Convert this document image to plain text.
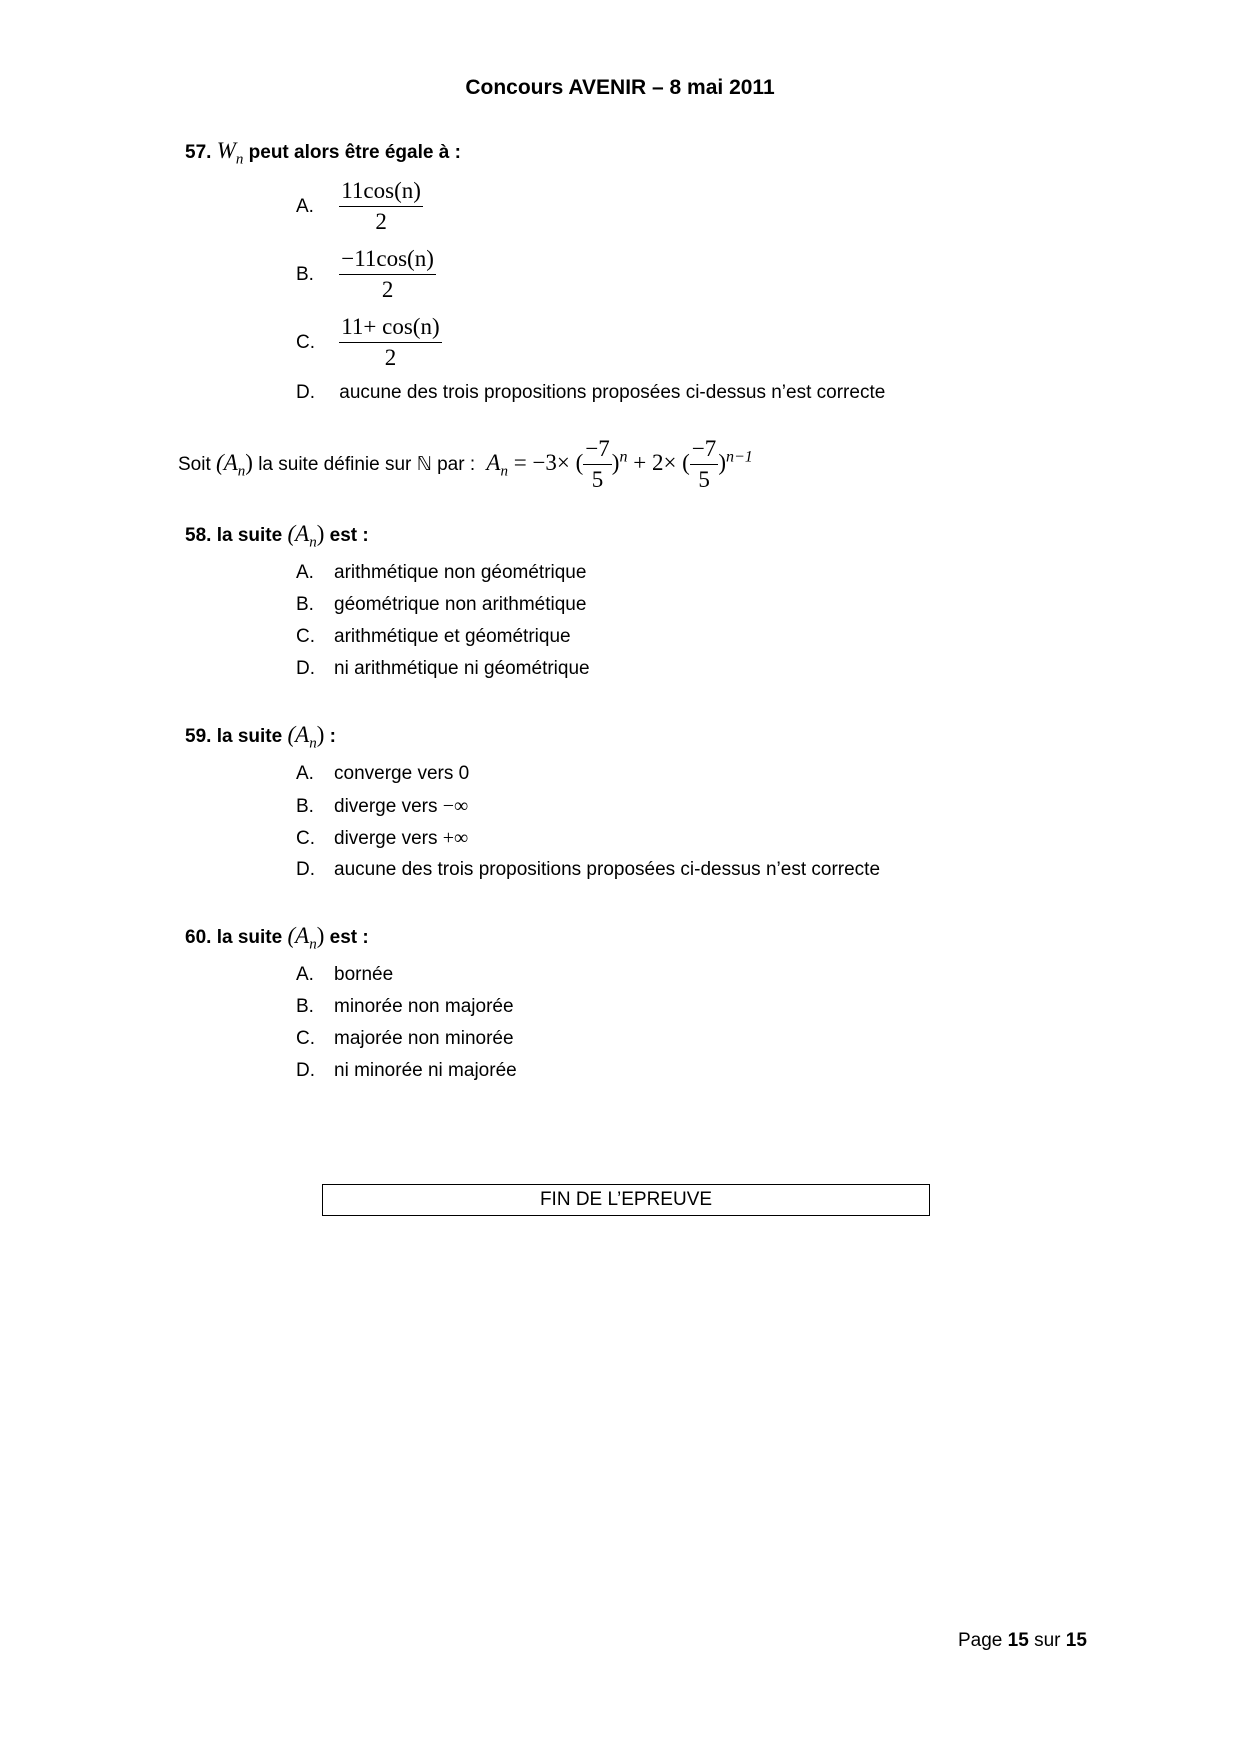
Concours AVENIR – 8 mai 2011
57. $W_n$ peut alors être égale à :
A. $\frac{11\cos(n)}{2}$
B. $\frac{-11\cos(n)}{2}$
C. $\frac{11+ \cos(n)}{2}$
D. aucune des trois propositions proposées ci-dessus n’est correcte
Soit $(A_n)$ la suite définie sur ℕ par : $A_n = -3\times$ ( $\frac{-7}{5} )^n + 2\times$ ( $\frac{-7}{5} )^{n-1}$
58. la suite $(A_n)$ est :
A. arithmétique non géométrique
B. géométrique non arithmétique
C. arithmétique et géométrique
D. ni arithmétique ni géométrique
59. la suite $(A_n)$ :
A. converge vers 0
B. diverge vers −∞
C. diverge vers +∞
D. aucune des trois propositions proposées ci-dessus n’est correcte
60. la suite $(A_n)$ est :
A. bornée
B. minorée non majorée
C. majorée non minorée
D. ni minorée ni majorée
FIN DE L’EPREUVE
Page 15 sur 15
